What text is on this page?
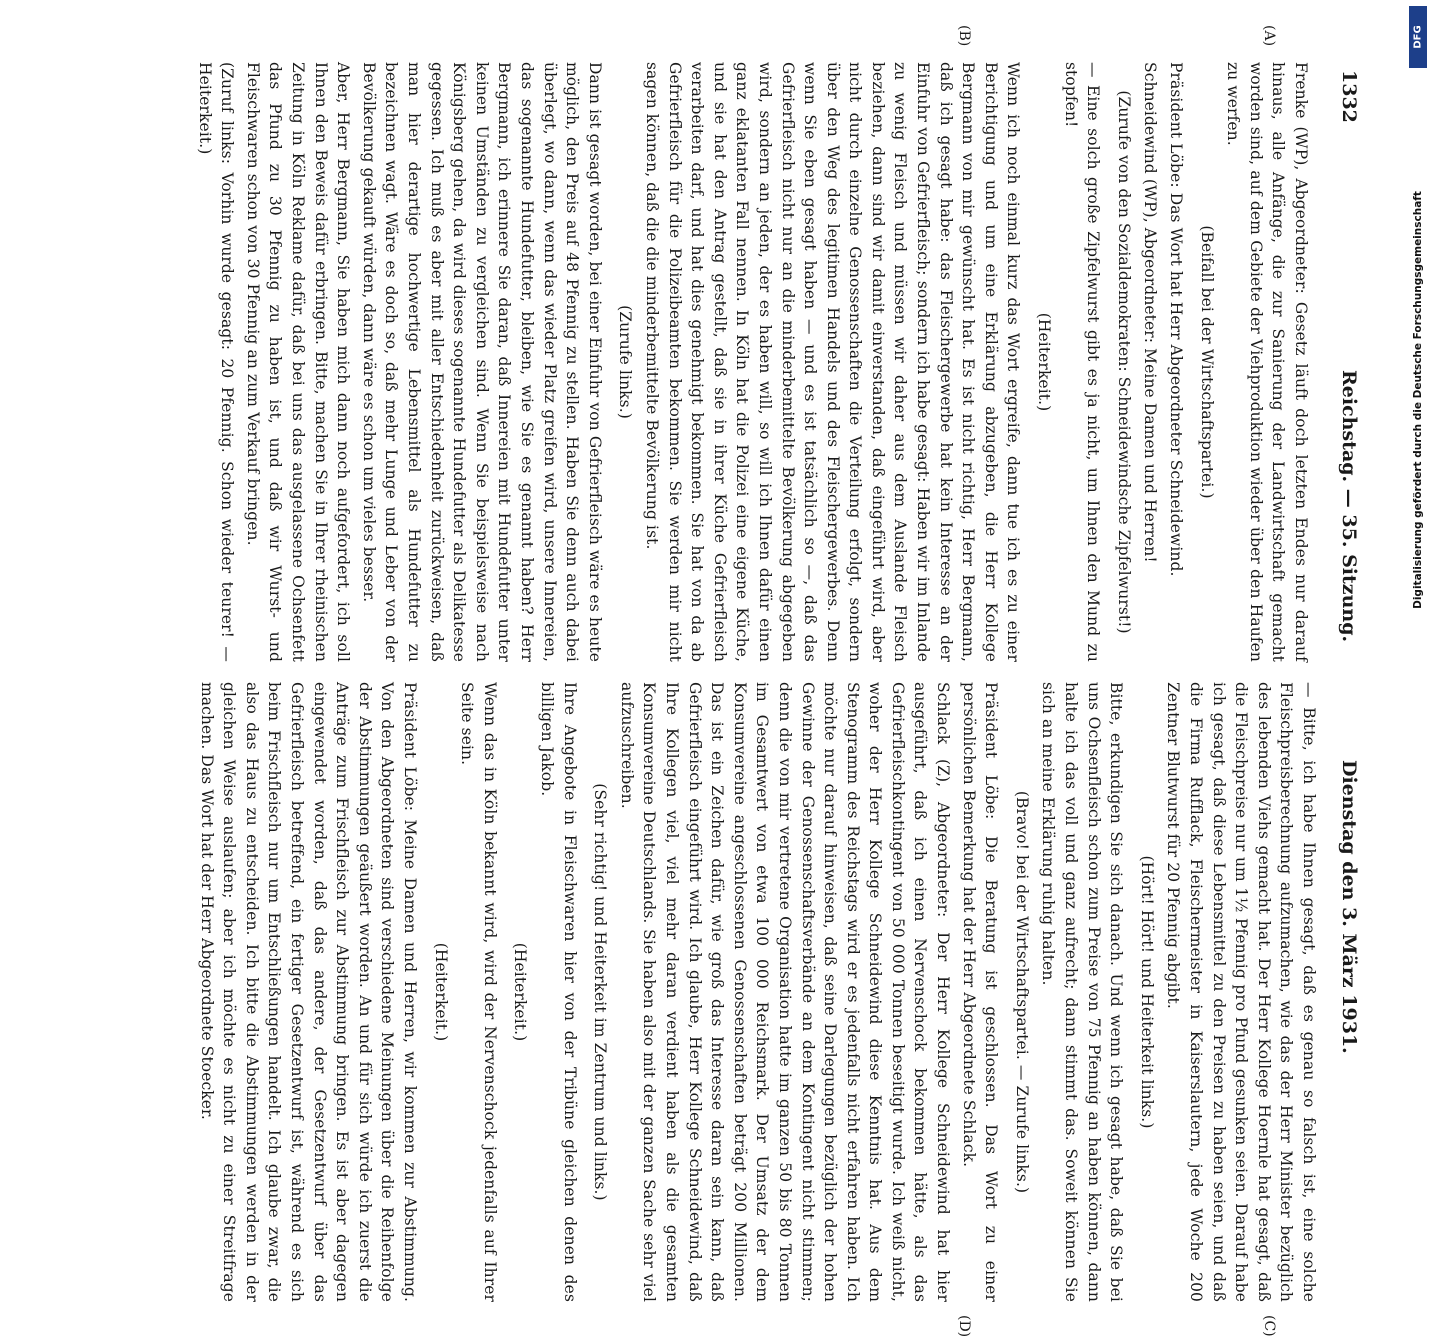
1332
Reichstag. — 35. Sitzung.
Dienstag den 3. März 1931.
(A)
(B)
(C)
(D)

Frenke (WP), Abgeordneter: Gesetz läuft doch letzten Endes nur darauf hinaus, alle Anfänge, die zur Sanierung der Landwirtschaft gemacht worden sind, auf dem Gebiete der Viehproduktion wieder über den Haufen zu werfen.

(Beifall bei der Wirtschaftspartei.)

Präsident Löbe: Das Wort hat Herr Abgeordneter Schneidewind.

Schneidewind (WP), Abgeordneter: Meine Damen und Herren!

(Zurufe von den Sozialdemokraten: Schneidewindsche Zipfelwurst!)

— Eine solch große Zipfelwurst gibt es ja nicht, um Ihnen den Mund zu stopfen!

(Heiterkeit.)

Wenn ich noch einmal kurz das Wort ergreife, dann tue ich es zu einer Berichtigung und um eine Erklärung abzugeben, die Herr Kollege Bergmann von mir gewünscht hat. Es ist nicht richtig, Herr Bergmann, daß ich gesagt habe: das Fleischergewerbe hat kein Interesse an der Einfuhr von Gefrierfleisch; sondern ich habe gesagt: Haben wir im Inlande zu wenig Fleisch und müssen wir daher aus dem Auslande Fleisch beziehen, dann sind wir damit einverstanden, daß eingeführt wird, aber nicht durch einzelne Genossenschaften die Verteilung erfolgt, sondern über den Weg des legitimen Handels und des Fleischergewerbes. Denn wenn Sie eben gesagt haben — und es ist tatsächlich so —, daß das Gefrierfleisch nicht nur an die minderbemittelte Bevölkerung abgegeben wird, sondern an jeden, der es haben will, so will ich Ihnen dafür einen ganz eklatanten Fall nennen. In Köln hat die Polizei eine eigene Küche, und sie hat den Antrag gestellt, daß sie in ihrer Küche Gefrierfleisch verarbeiten darf, und hat dies genehmigt bekommen. Sie hat von da ab Gefrierfleisch für die Polizeibeamten bekommen. Sie werden mir nicht sagen können, daß die die minderbemittelte Bevölkerung ist.

(Zurufe links.)

Dann ist gesagt worden, bei einer Einfuhr von Gefrierfleisch wäre es heute möglich, den Preis auf 48 Pfennig zu stellen. Haben Sie denn auch dabei überlegt, wo dann, wenn das wieder Platz greifen wird, unsere Innereien, das sogenannte Hundefutter, bleiben, wie Sie es genannt haben? Herr Bergmann, ich erinnere Sie daran, daß Innereien mit Hundefutter unter keinen Umständen zu vergleichen sind. Wenn Sie beispielsweise nach Königsberg gehen, da wird dieses sogenannte Hundefutter als Delikatesse gegessen. Ich muß es aber mit aller Entschiedenheit zurückweisen, daß man hier derartige hochwertige Lebensmittel als Hundefutter zu bezeichnen wagt. Wäre es doch so, daß mehr Lunge und Leber von der Bevölkerung gekauft würden, dann wäre es schon um vieles besser.

Aber, Herr Bergmann, Sie haben mich dann noch aufgefordert, ich soll Ihnen den Beweis dafür erbringen. Bitte, machen Sie in Ihrer rheinischen Zeitung in Köln Reklame dafür, daß bei uns das ausgelassene Ochsenfett das Pfund zu 30 Pfennig zu haben ist, und daß wir Wurst- und Fleischwaren schon von 30 Pfennig an zum Verkauf bringen.

(Zuruf links: Vorhin wurde gesagt: 20 Pfennig. Schon wieder teurer! — Heiterkeit.)

— Bitte, ich habe Ihnen gesagt, daß es genau so falsch ist, eine solche Fleischpreisberechnung aufzumachen, wie das der Herr Minister bezüglich des lebenden Viehs gemacht hat. Der Herr Kollege Hoernle hat gesagt, daß die Fleischpreise nur um 1½ Pfennig pro Pfund gesunken seien. Darauf habe ich gesagt, daß diese Lebensmittel zu den Preisen zu haben seien, und daß die Firma Rufflack, Fleischermeister in Kaiserslautern, jede Woche 200 Zentner Blutwurst für 20 Pfennig abgibt.

(Hört! Hört! und Heiterkeit links.)

Bitte, erkundigen Sie sich danach. Und wenn ich gesagt habe, daß Sie bei uns Ochsenfleisch schon zum Preise von 75 Pfennig an haben können, dann halte ich das voll und ganz aufrecht; dann stimmt das. Soweit können Sie sich an meine Erklärung ruhig halten.

(Bravo! bei der Wirtschaftspartei. — Zurufe links.)

Präsident Löbe: Die Beratung ist geschlossen. Das Wort zu einer persönlichen Bemerkung hat der Herr Abgeordnete Schlack.

Schlack (Z), Abgeordneter: Der Herr Kollege Schneidewind hat hier ausgeführt, daß ich einen Nervenschock bekommen hätte, als das Gefrierfleischkontingent von 50 000 Tonnen beseitigt wurde. Ich weiß nicht, woher der Herr Kollege Schneidewind diese Kenntnis hat. Aus dem Stenogramm des Reichstags wird er es jedenfalls nicht erfahren haben. Ich möchte nur darauf hinweisen, daß seine Darlegungen bezüglich der hohen Gewinne der Genossenschaftsverbände an dem Kontingent nicht stimmen; denn die von mir vertretene Organisation hatte im ganzen 50 bis 80 Tonnen im Gesamtwert von etwa 100 000 Reichsmark. Der Umsatz der dem Konsumvereine angeschlossenen Genossenschaften beträgt 200 Millionen. Das ist ein Zeichen dafür, wie groß das Interesse daran sein kann, daß Gefrierfleisch eingeführt wird. Ich glaube, Herr Kollege Schneidewind, daß Ihre Kollegen viel, viel mehr daran verdient haben als die gesamten Konsumvereine Deutschlands. Sie haben also mit der ganzen Sache sehr viel aufzuschreiben.

(Sehr richtig! und Heiterkeit im Zentrum und links.)

Ihre Angebote in Fleischwaren hier von der Tribüne gleichen denen des billigen Jakob.

(Heiterkeit.)

Wenn das in Köln bekannt wird, wird der Nervenschock jedenfalls auf Ihrer Seite sein.

(Heiterkeit.)

Präsident Löbe: Meine Damen und Herren, wir kommen zur Abstimmung. Von den Abgeordneten sind verschiedene Meinungen über die Reihenfolge der Abstimmungen geäußert worden. An und für sich würde ich zuerst die Anträge zum Frischfleisch zur Abstimmung bringen. Es ist aber dagegen eingewendet worden, daß das andere, der Gesetzentwurf über das Gefrierfleisch betreffend, ein fertiger Gesetzentwurf ist, während es sich beim Frischfleisch nur um Entschließungen handelt. Ich glaube zwar, die also das Haus zu entscheiden. Ich bitte die Abstimmungen werden in der gleichen Weise auslaufen; aber ich möchte es nicht zu einer Streitfrage machen. Das Wort hat der Herr Abgeordnete Stoecker.

DFG
Digitalisierung gefördert durch die Deutsche Forschungsgemeinschaft
